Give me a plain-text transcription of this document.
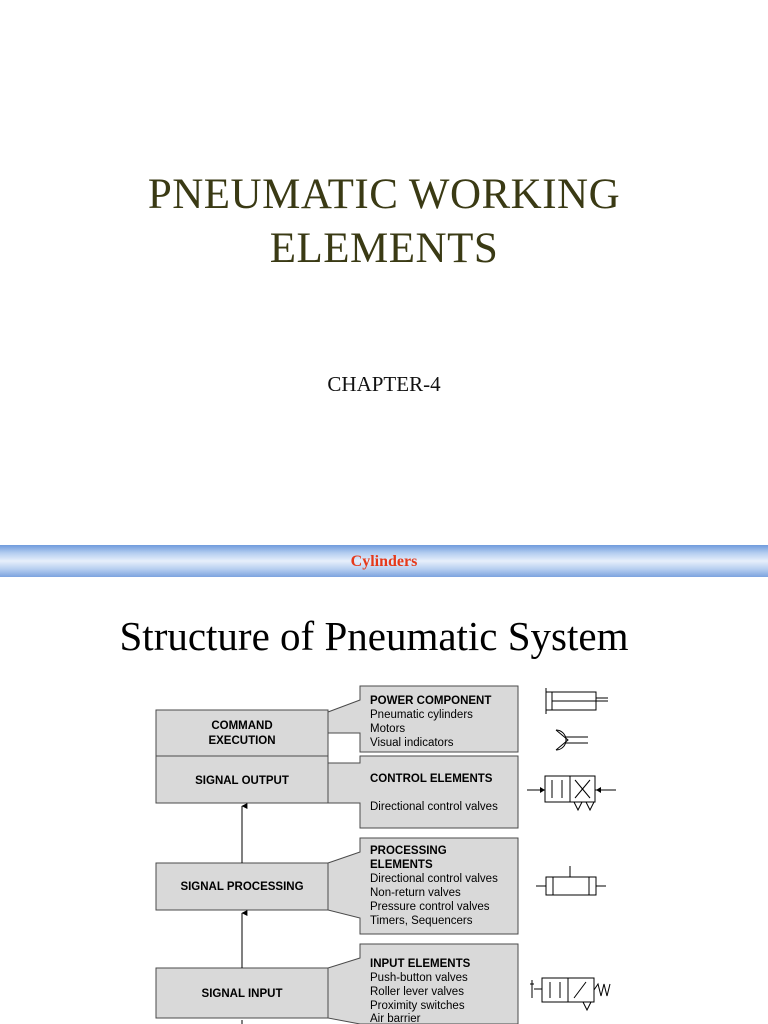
PNEUMATIC WORKING
ELEMENTS
CHAPTER-4
Cylinders
Structure of Pneumatic System
COMMAND
EXECUTION
SIGNAL OUTPUT
SIGNAL PROCESSING
SIGNAL INPUT
POWER COMPONENT
Pneumatic cylinders
Motors
Visual indicators
CONTROL ELEMENTS
Directional control valves
PROCESSING
ELEMENTS
Directional control valves
Non-return valves
Pressure control valves
Timers, Sequencers
INPUT ELEMENTS
Push-button valves
Roller lever valves
Proximity switches
Air barrier
